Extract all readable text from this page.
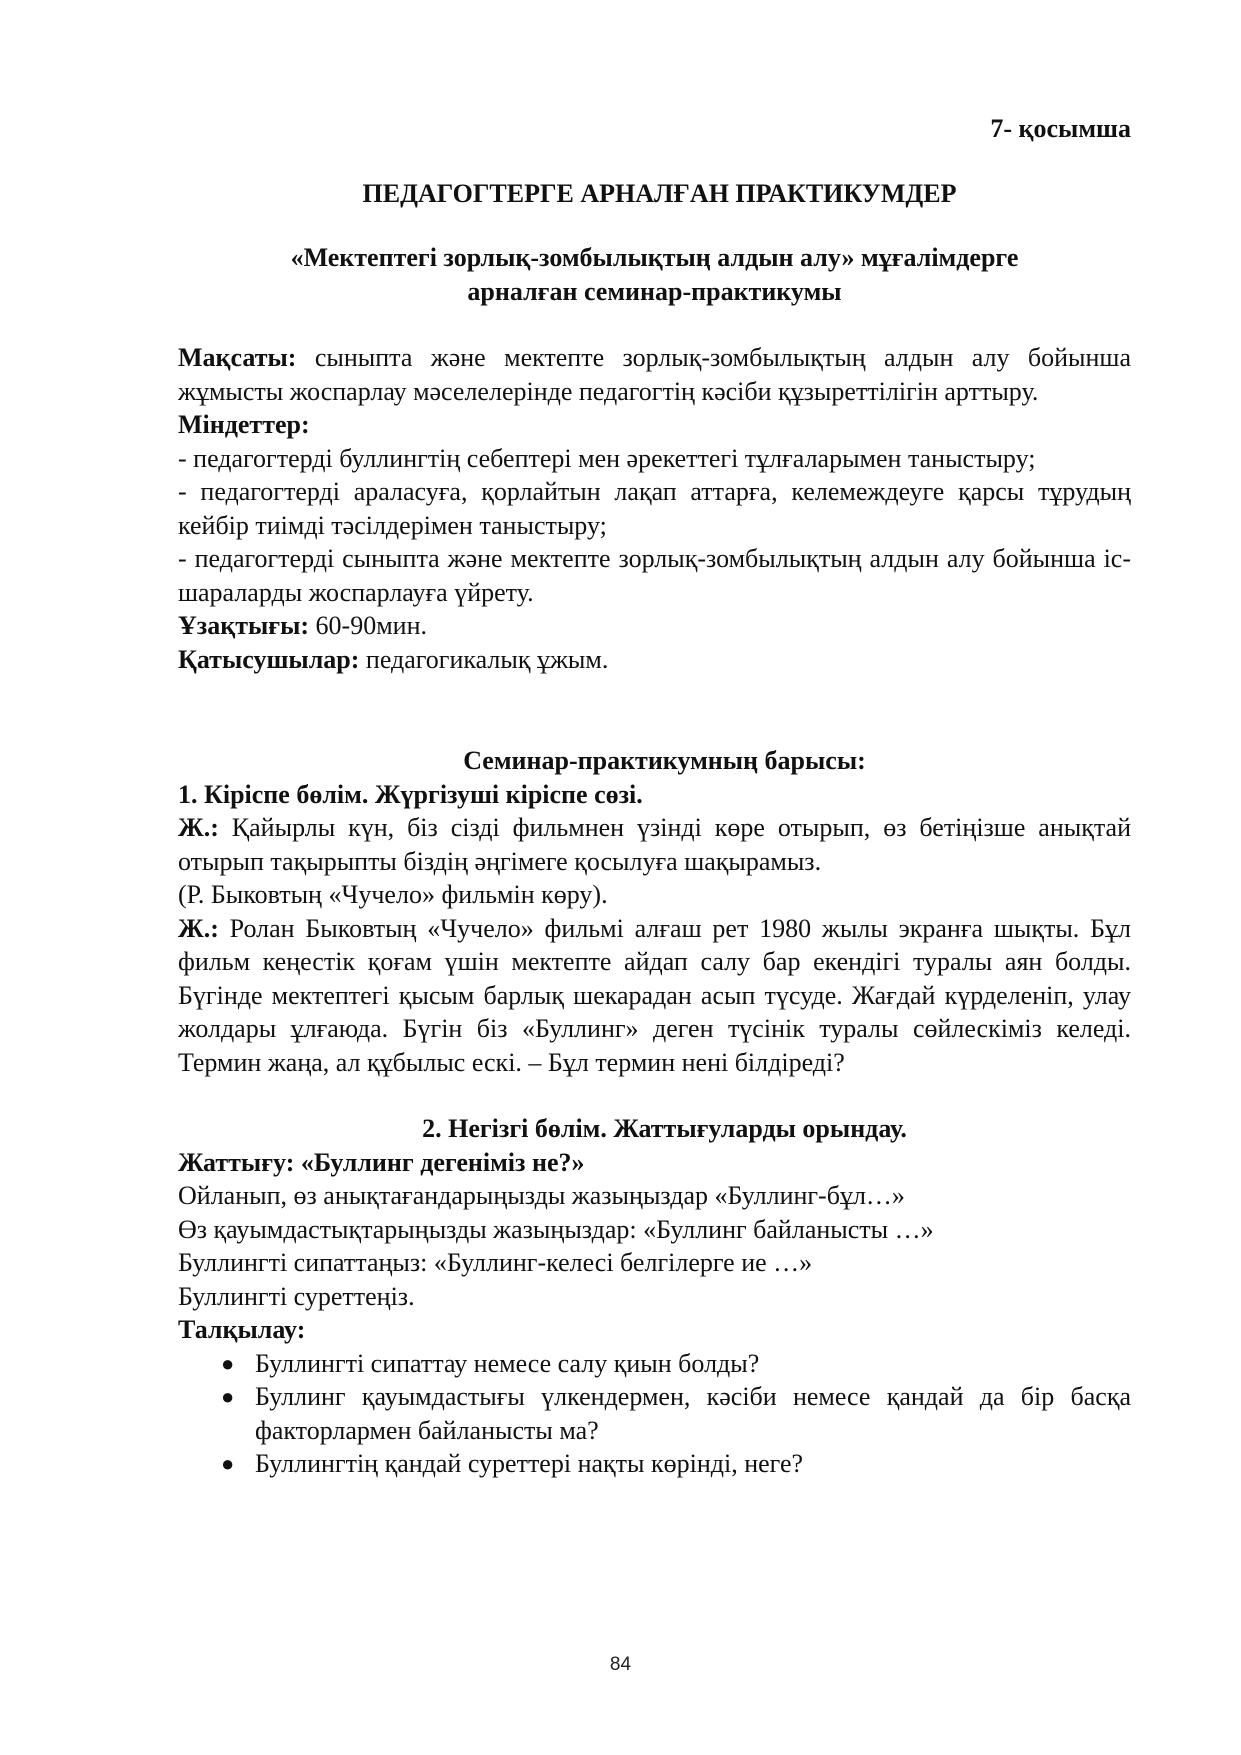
7- қосымша

ПЕДАГОГТЕРГЕ АРНАЛҒАН ПРАКТИКУМДЕР

«Мектептегі зорлық-зомбылықтың алдын алу» мұғалімдерге
арналған семинар-практикумы

Мақсаты: сыныпта және мектепте зорлық-зомбылықтың алдын алу бойынша жұмысты жоспарлау мәселелерінде педагогтің кәсіби құзыреттілігін арттыру.

Міндеттер:

- педагогтерді буллингтің себептері мен әрекеттегі тұлғаларымен таныстыру;

- педагогтерді араласуға, қорлайтын лақап аттарға, келемеждеуге қарсы тұрудың кейбір тиімді тәсілдерімен таныстыру;

- педагогтерді сыныпта және мектепте зорлық-зомбылықтың алдын алу бойынша іс-шараларды жоспарлауға үйрету.

Ұзақтығы: 60-90мин.

Қатысушылар: педагогикалық ұжым.

Семинар-практикумның барысы:

1. Кіріспе бөлім. Жүргізуші кіріспе сөзі.

Ж.: Қайырлы күн, біз сізді фильмнен үзінді көре отырып, өз бетіңізше анықтай отырып тақырыпты біздің әңгімеге қосылуға шақырамыз.

(Р. Быковтың «Чучело» фильмін көру).

Ж.: Ролан Быковтың «Чучело» фильмі алғаш рет 1980 жылы экранға шықты. Бұл фильм кеңестік қоғам үшін мектепте айдап салу бар екендігі туралы аян болды. Бүгінде мектептегі қысым барлық шекарадан асып түсуде. Жағдай күрделеніп, улау жолдары ұлғаюда. Бүгін біз «Буллинг» деген түсінік туралы сөйлескіміз келеді. Термин жаңа, ал құбылыс ескі. – Бұл термин нені білдіреді?

2. Негізгі бөлім. Жаттығуларды орындау.

Жаттығу: «Буллинг дегеніміз не?»

Ойланып, өз анықтағандарыңызды жазыңыздар «Буллинг-бұл…»

Өз қауымдастықтарыңызды жазыңыздар: «Буллинг байланысты …»

Буллингті сипаттаңыз: «Буллинг-келесі белгілерге ие …»

Буллингті суреттеңіз.

Талқылау:

● Буллингті сипаттау немесе салу қиын болды?
● Буллинг қауымдастығы үлкендермен, кәсіби немесе қандай да бір басқа факторлармен байланысты ма?
● Буллингтің қандай суреттері нақты көрінді, неге?
84
